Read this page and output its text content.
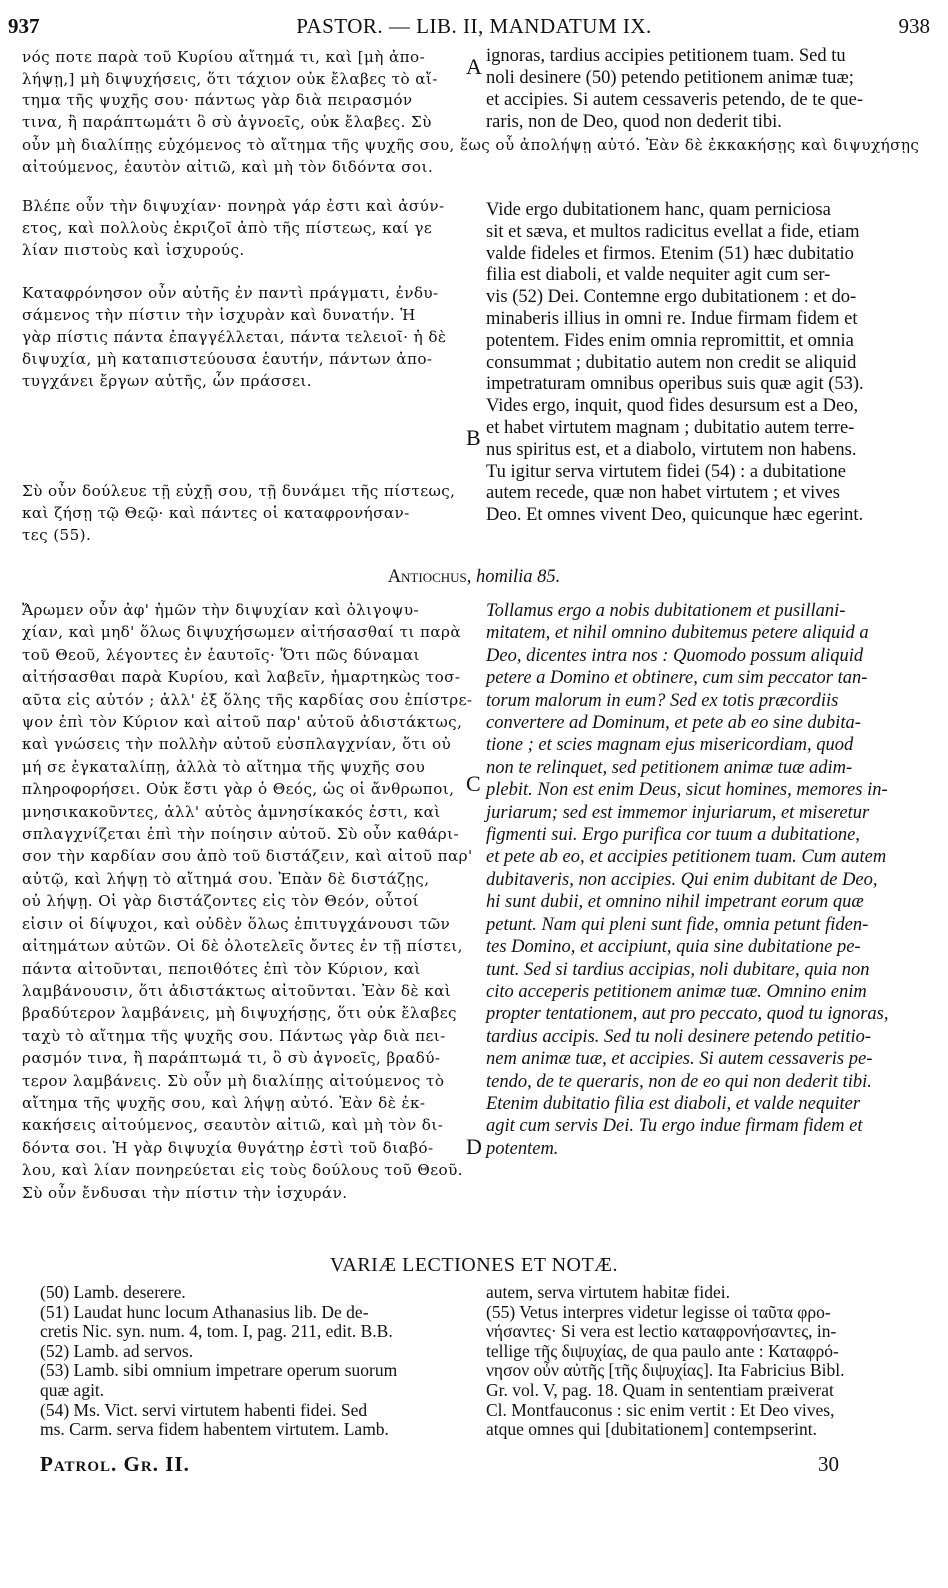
937	PASTOR. — LIB. II, MANDATUM IX.	938
νός ποτε παρὰ τοῦ Κυρίου αἴτημά τι, καὶ [μὴ ἀπο-
λήψῃ,] μὴ διψυχήσεις, ὅτι τάχιον οὐκ ἔλαβες τὸ αἴ-
τημα τῆς ψυχῆς σου· πάντως γὰρ διὰ πειρασμόν
τινα, ἢ παράπτωμάτι ὃ σὺ ἀγνοεῖς, οὐκ ἔλαβες. Σὺ
A ignoras, tardius accipies petitionem tuam. Sed tu
noli desinere (50) petendo petitionem animæ tuæ;
et accipies. Si autem cessaveris petendo, de te que-
raris, non de Deo, quod non dederit tibi.
οὖν μὴ διαλίπῃς εὐχόμενος τὸ αἴτημα τῆς ψυχῆς σου, ἕως οὗ ἀπολήψῃ αὐτό. Ἐὰν δὲ ἐκκακήσῃς καὶ διψυχήσῃς
αἰτούμενος, ἑαυτὸν αἰτιῶ, καὶ μὴ τὸν διδόντα σοι.
Βλέπε οὖν τὴν διψυχίαν· πονηρὰ γάρ ἐστι καὶ ἀσύν-
ετος, καὶ πολλοὺς ἐκριζοῖ ἀπὸ τῆς πίστεως, καί γε
λίαν πιστοὺς καὶ ἰσχυρούς.
Καταφρόνησον οὖν αὐτῆς ἐν παντὶ πράγματι, ἐνδυ-
σάμενος τὴν πίστιν τὴν ἰσχυρὰν καὶ δυνατήν. Ἡ
γὰρ πίστις πάντα ἐπαγγέλλεται, πάντα τελειοῖ· ἡ δὲ
διψυχία, μὴ καταπιστεύουσα ἑαυτήν, πάντων ἀπο-
τυγχάνει ἔργων αὐτῆς, ὧν πράσσει.
Σὺ οὖν δούλευε τῇ εὐχῇ σου, τῇ δυνάμει τῆς πίστεως,
καὶ ζήσῃ τῷ Θεῷ· καὶ πάντες οἱ καταφρονήσαν-
τες (55).
B
Vide ergo dubitationem hanc, quam perniciosa
sit et sæva, et multos radicitus evellat a fide, etiam
valde fideles et firmos. Etenim (51) hæc dubitatio
filia est diaboli, et valde nequiter agit cum ser-
vis (52) Dei. Contemne ergo dubitationem : et do-
minaberis illius in omni re. Indue firmam fidem et
potentem. Fides enim omnia repromittit, et omnia
consummat ; dubitatio autem non credit se aliquid
impetraturam omnibus operibus suis quæ agit (53).
Vides ergo, inquit, quod fides desursum est a Deo,
et habet virtutem magnam ; dubitatio autem terre-
nus spiritus est, et a diabolo, virtutem non habens.
Tu igitur serva virtutem fidei (54) : a dubitatione
autem recede, quæ non habet virtutem ; et vives
Deo. Et omnes vivent Deo, quicunque hæc egerint.
Antiochus, homilia 85.
Ἄρωμεν οὖν ἀφ' ἡμῶν τὴν διψυχίαν καὶ ὀλιγοψυ-
χίαν, καὶ μηδ' ὅλως διψυχήσωμεν αἰτήσασθαί τι παρὰ
τοῦ Θεοῦ, λέγοντες ἐν ἑαυτοῖς· Ὅτι πῶς δύναμαι
αἰτήσασθαι παρὰ Κυρίου, καὶ λαβεῖν, ἡμαρτηκὼς τοσ-
αῦτα εἰς αὐτόν ; ἀλλ' ἐξ ὅλης τῆς καρδίας σου ἐπίστρε-
ψον ἐπὶ τὸν Κύριον καὶ αἰτοῦ παρ' αὐτοῦ ἀδιστάκτως,
καὶ γνώσεις τὴν πολλὴν αὐτοῦ εὐσπλαγχνίαν, ὅτι οὐ
μή σε ἐγκαταλίπῃ, ἀλλὰ τὸ αἴτημα τῆς ψυχῆς σου
πληροφορήσει. Οὐκ ἔστι γὰρ ὁ Θεός, ὡς οἱ ἄνθρωποι,
μνησικακοῦντες, ἀλλ' αὐτὸς ἀμνησίκακός ἐστι, καὶ
σπλαγχνίζεται ἐπὶ τὴν ποίησιν αὐτοῦ. Σὺ οὖν καθάρι-
σον τὴν καρδίαν σου ἀπὸ τοῦ διστάζειν, καὶ αἰτοῦ παρ'
αὐτῷ, καὶ λήψῃ τὸ αἴτημά σου. Ἐπὰν δὲ διστάζῃς,
οὐ λήψῃ. Οἱ γὰρ διστάζοντες εἰς τὸν Θεόν, οὗτοί
εἰσιν οἱ δίψυχοι, καὶ οὐδὲν ὅλως ἐπιτυγχάνουσι τῶν
αἰτημάτων αὐτῶν. Οἱ δὲ ὁλοτελεῖς ὄντες ἐν τῇ πίστει,
πάντα αἰτοῦνται, πεποιθότες ἐπὶ τὸν Κύριον, καὶ
λαμβάνουσιν, ὅτι ἀδιστάκτως αἰτοῦνται. Ἐὰν δὲ καὶ
βραδύτερον λαμβάνεις, μὴ διψυχήσῃς, ὅτι οὐκ ἔλαβες
ταχὺ τὸ αἴτημα τῆς ψυχῆς σου. Πάντως γὰρ διὰ πει-
ρασμόν τινα, ἢ παράπτωμά τι, ὃ σὺ ἀγνοεῖς, βραδύ-
τερον λαμβάνεις. Σὺ οὖν μὴ διαλίπῃς αἰτούμενος τὸ
αἴτημα τῆς ψυχῆς σου, καὶ λήψῃ αὐτό. Ἐὰν δὲ ἐκ-
κακήσεις αἰτούμενος, σεαυτὸν αἰτιῶ, καὶ μὴ τὸν δι-
δόντα σοι. Ἡ γὰρ διψυχία θυγάτηρ ἐστὶ τοῦ διαβό-
λου, καὶ λίαν πονηρεύεται εἰς τοὺς δούλους τοῦ Θεοῦ.
Σὺ οὖν ἔνδυσαι τὴν πίστιν τὴν ἰσχυράν.
C
D
Tollamus ergo a nobis dubitationem et pusillani-
mitatem, et nihil omnino dubitemus petere aliquid a
Deo, dicentes intra nos : Quomodo possum aliquid
petere a Domino et obtinere, cum sim peccator tan-
torum malorum in eum? Sed ex totis præcordiis
convertere ad Dominum, et pete ab eo sine dubita-
tione ; et scies magnam ejus misericordiam, quod
non te relinquet, sed petitionem animæ tuæ adim-
plebit. Non est enim Deus, sicut homines, memores in-
juriarum; sed est immemor injuriarum, et miseretur
figmenti sui. Ergo purifica cor tuum a dubitatione,
et pete ab eo, et accipies petitionem tuam. Cum autem
dubitaveris, non accipies. Qui enim dubitant de Deo,
hi sunt dubii, et omnino nihil impetrant eorum quæ
petunt. Nam qui pleni sunt fide, omnia petunt fiden-
tes Domino, et accipiunt, quia sine dubitatione pe-
tunt. Sed si tardius accipias, noli dubitare, quia non
cito acceperis petitionem animæ tuæ. Omnino enim
propter tentationem, aut pro peccato, quod tu ignoras,
tardius accipis. Sed tu noli desinere petendo petitio-
nem animæ tuæ, et accipies. Si autem cessaveris pe-
tendo, de te queraris, non de eo qui non dederit tibi.
Etenim dubitatio filia est diaboli, et valde nequiter
agit cum servis Dei. Tu ergo indue firmam fidem et
potentem.
VARIÆ LECTIONES ET NOTÆ.
(50) Lamb. deserere.
(51) Laudat hunc locum Athanasius lib. De de-
cretis Nic. syn. num. 4, tom. I, pag. 211, edit. B.B.
(52) Lamb. ad servos.
(53) Lamb. sibi omnium impetrare operum suorum
quæ agit.
(54) Ms. Vict. servi virtutem habenti fidei. Sed
ms. Carm. serva fidem habentem virtutem. Lamb.
autem, serva virtutem habitæ fidei.
(55) Vetus interpres videtur legisse οἱ ταῦτα φρο-
νήσαντες· Si vera est lectio καταφρονήσαντες, in-
tellige τῆς διψυχίας, de qua paulo ante : Καταφρό-
νησον οὖν αὐτῆς [τῆς διψυχίας]. Ita Fabricius Bibl.
Gr. vol. V, pag. 18. Quam in sententiam præiverat
Cl. Montfauconus : sic enim vertit : Et Deo vives,
atque omnes qui [dubitationem] contempserint.
Patrol. Gr. II.	30
